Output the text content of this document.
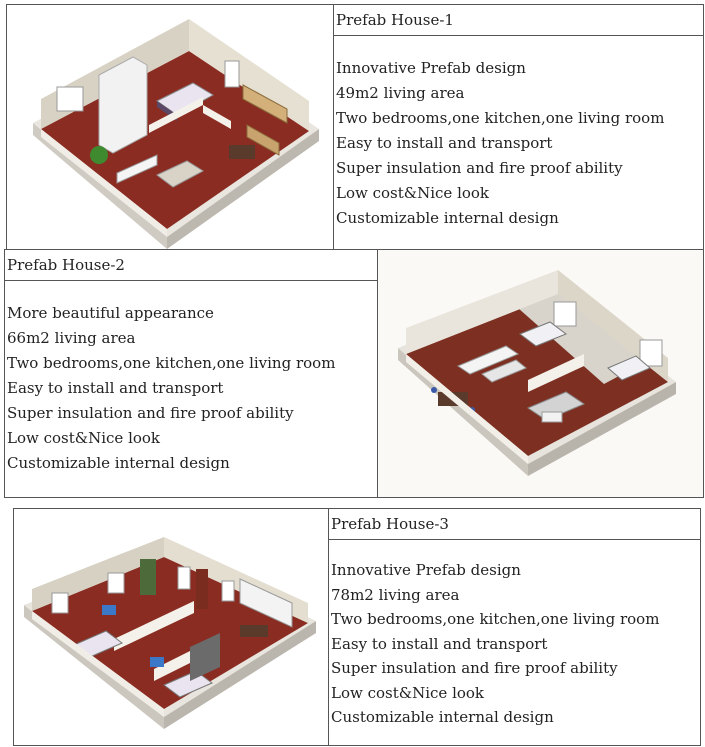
Prefab House-1
Innovative Prefab design
49m2 living area
Two bedrooms,one kitchen,one living room
Easy to install and transport
Super insulation and fire proof ability
Low cost&Nice look
Customizable internal design
Prefab House-2
More beautiful appearance
66m2 living area
Two bedrooms,one kitchen,one living room
Easy to install and transport
Super insulation and fire proof ability
Low cost&Nice look
Customizable internal design
Prefab House-3
Innovative Prefab design
78m2 living area
Two bedrooms,one kitchen,one living room
Easy to install and transport
Super insulation and fire proof ability
Low cost&Nice look
Customizable internal design
